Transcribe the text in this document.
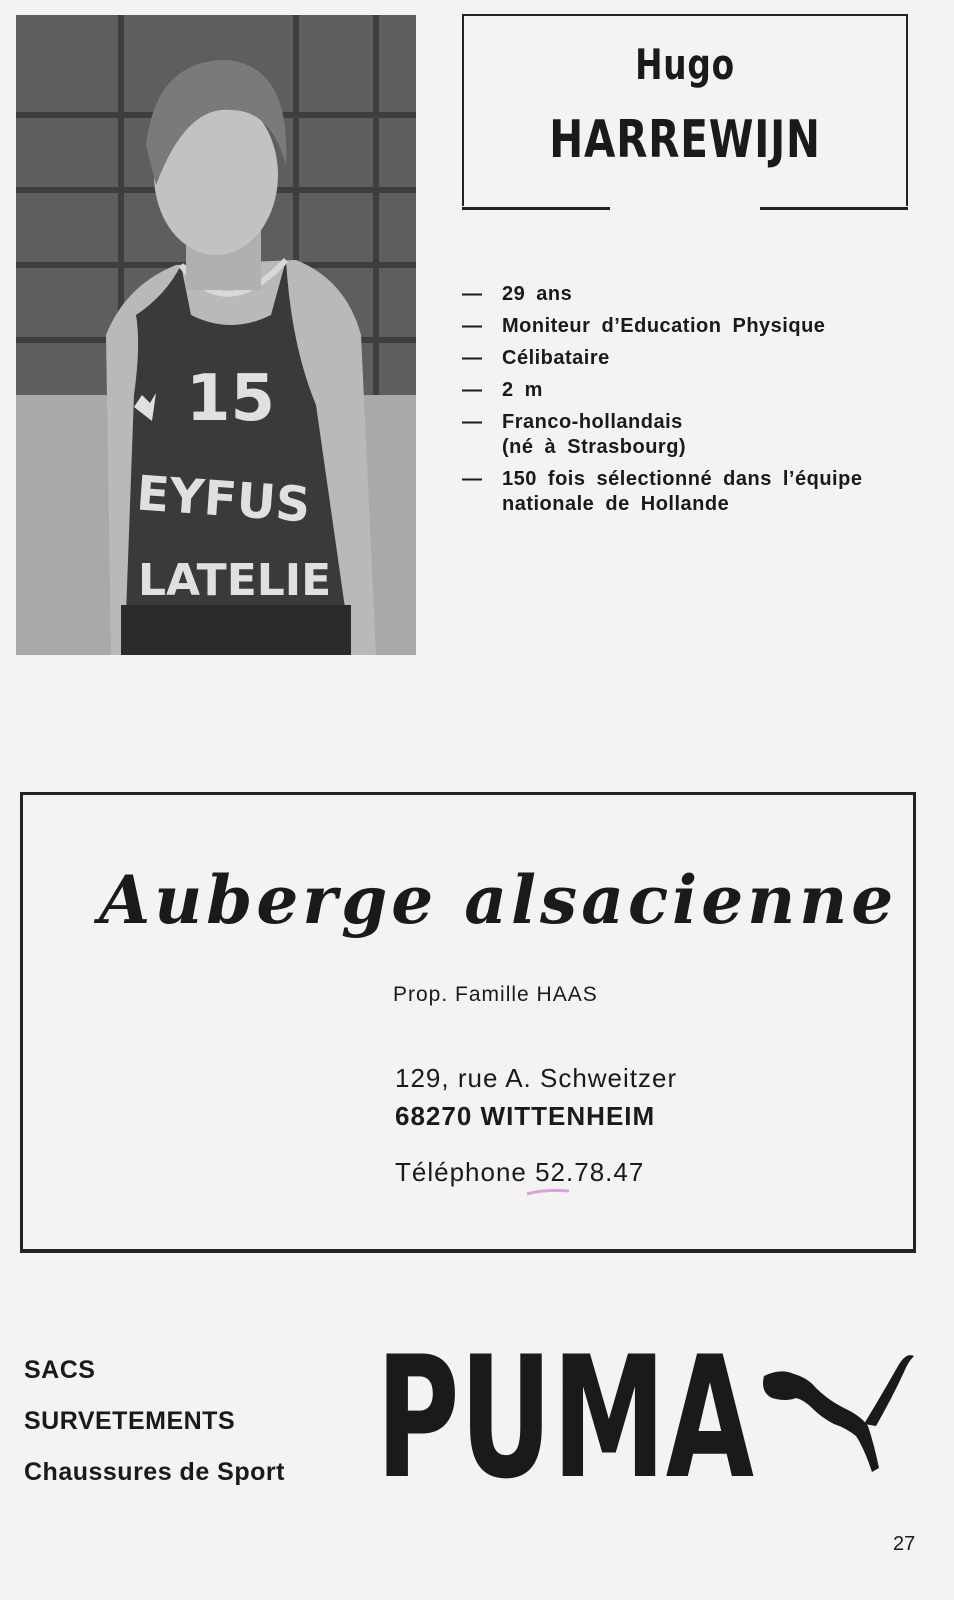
15
EYFUS
LATELIE
Hugo
HARREWIJN
— 29 ans
— Moniteur d’Education Physique
— Célibataire
— 2 m
— Franco-hollandais
(né à Strasbourg)
— 150 fois sélectionné dans l’équipe
nationale de Hollande
Auberge alsacienne
Prop. Famille HAAS
129, rue A. Schweitzer
68270 WITTENHEIM
Téléphone 52.78.47
SACS
SURVETEMENTS
Chaussures de Sport PUMA
27
